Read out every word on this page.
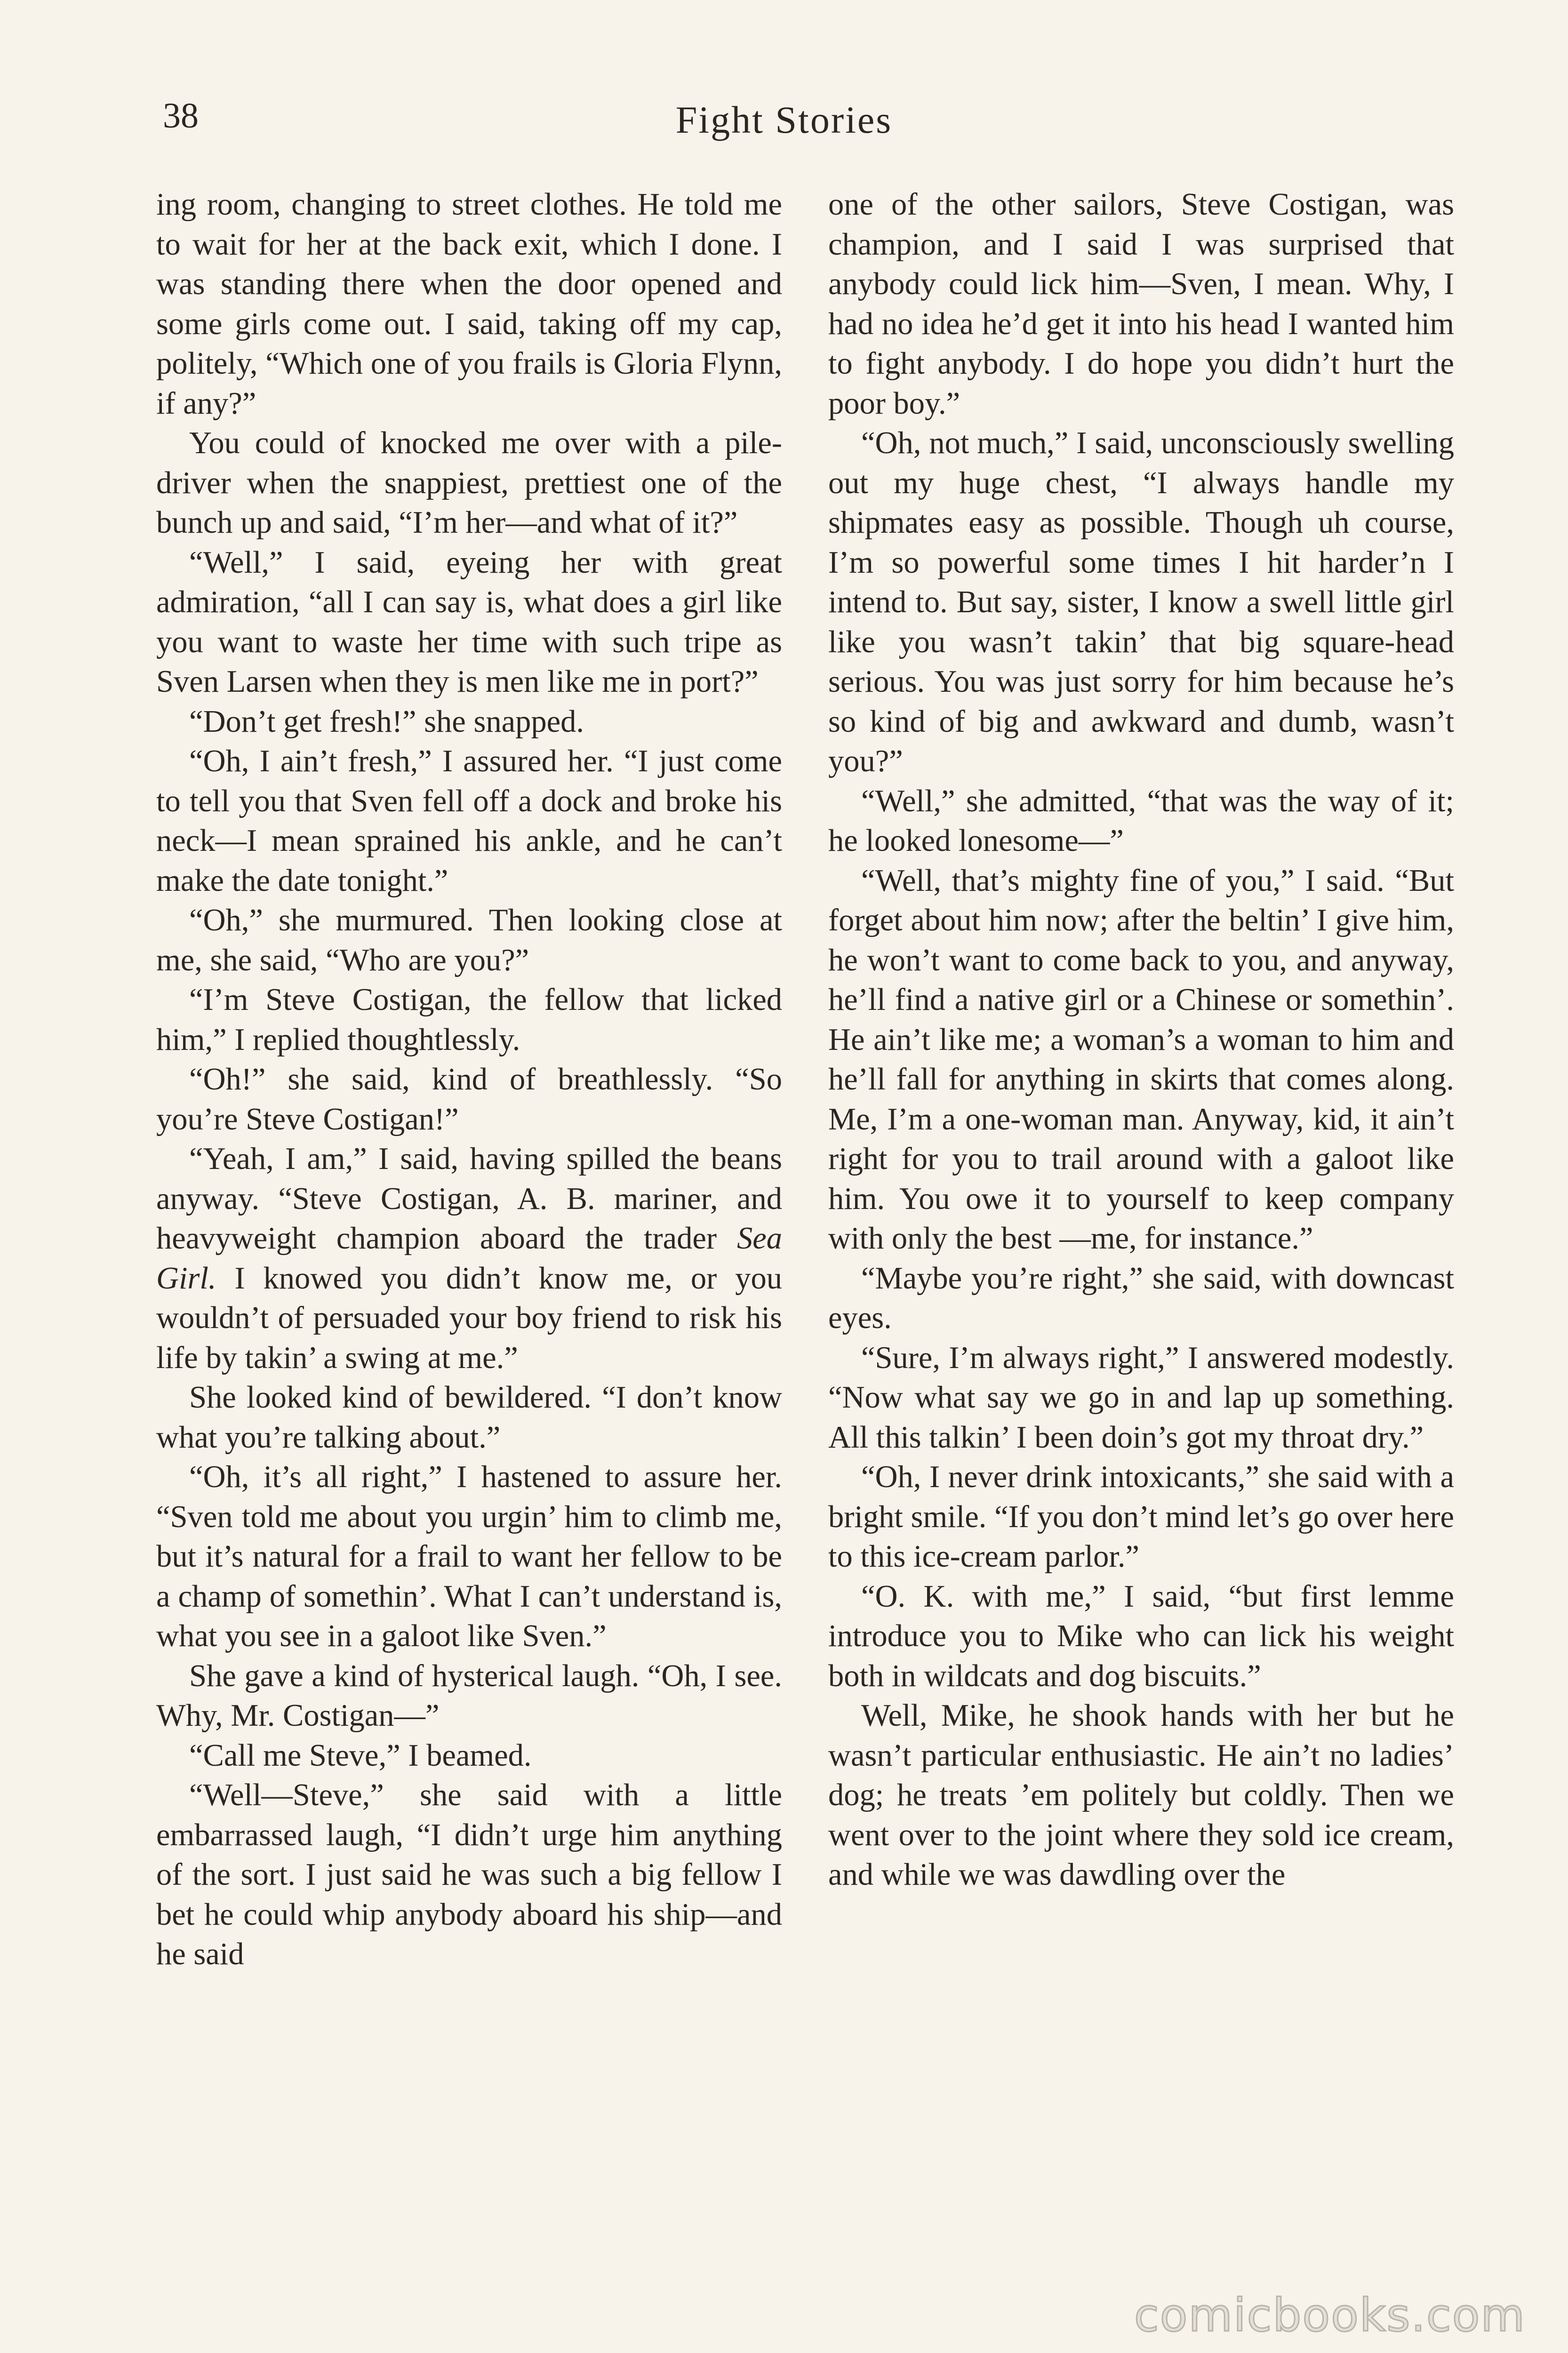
38	Fight Stories

ing room, changing to street clothes. He told me to wait for her at the back exit, which I done. I was standing there when the door opened and some girls come out. I said, taking off my cap, politely, “Which one of you frails is Gloria Flynn, if any?”

You could of knocked me over with a pile-driver when the snappiest, prettiest one of the bunch up and said, “I’m her—and what of it?”

“Well,” I said, eyeing her with great admiration, “all I can say is, what does a girl like you want to waste her time with such tripe as Sven Larsen when they is men like me in port?”

“Don’t get fresh!” she snapped.

“Oh, I ain’t fresh,” I assured her. “I just come to tell you that Sven fell off a dock and broke his neck—I mean sprained his ankle, and he can’t make the date tonight.”

“Oh,” she murmured. Then looking close at me, she said, “Who are you?”

“I’m Steve Costigan, the fellow that licked him,” I replied thoughtlessly.

“Oh!” she said, kind of breathlessly. “So you’re Steve Costigan!”

“Yeah, I am,” I said, having spilled the beans anyway. “Steve Costigan, A. B. mariner, and heavyweight champion aboard the trader Sea Girl. I knowed you didn’t know me, or you wouldn’t of persuaded your boy friend to risk his life by takin’ a swing at me.”

She looked kind of bewildered. “I don’t know what you’re talking about.”

“Oh, it’s all right,” I hastened to assure her. “Sven told me about you urgin’ him to climb me, but it’s natural for a frail to want her fellow to be a champ of somethin’. What I can’t understand is, what you see in a galoot like Sven.”

She gave a kind of hysterical laugh. “Oh, I see. Why, Mr. Costigan—”

“Call me Steve,” I beamed.

“Well—Steve,” she said with a little embarrassed laugh, “I didn’t urge him anything of the sort. I just said he was such a big fellow I bet he could whip anybody aboard his ship—and he said

one of the other sailors, Steve Costigan, was champion, and I said I was surprised that anybody could lick him—Sven, I mean. Why, I had no idea he’d get it into his head I wanted him to fight anybody. I do hope you didn’t hurt the poor boy.”

“Oh, not much,” I said, unconsciously swelling out my huge chest, “I always handle my shipmates easy as possible. Though uh course, I’m so powerful some times I hit harder’n I intend to. But say, sister, I know a swell little girl like you wasn’t takin’ that big square-head serious. You was just sorry for him because he’s so kind of big and awkward and dumb, wasn’t you?”

“Well,” she admitted, “that was the way of it; he looked lonesome—”

“Well, that’s mighty fine of you,” I said. “But forget about him now; after the beltin’ I give him, he won’t want to come back to you, and anyway, he’ll find a native girl or a Chinese or somethin’. He ain’t like me; a woman’s a woman to him and he’ll fall for anything in skirts that comes along. Me, I’m a one-woman man. Anyway, kid, it ain’t right for you to trail around with a galoot like him. You owe it to yourself to keep company with only the best —me, for instance.”

“Maybe you’re right,” she said, with downcast eyes.

“Sure, I’m always right,” I answered modestly. “Now what say we go in and lap up something. All this talkin’ I been doin’s got my throat dry.”

“Oh, I never drink intoxicants,” she said with a bright smile. “If you don’t mind let’s go over here to this ice-cream parlor.”

“O. K. with me,” I said, “but first lemme introduce you to Mike who can lick his weight both in wildcats and dog biscuits.”

Well, Mike, he shook hands with her but he wasn’t particular enthusiastic. He ain’t no ladies’ dog; he treats ’em politely but coldly. Then we went over to the joint where they sold ice cream, and while we was dawdling over the

comicbooks.com
